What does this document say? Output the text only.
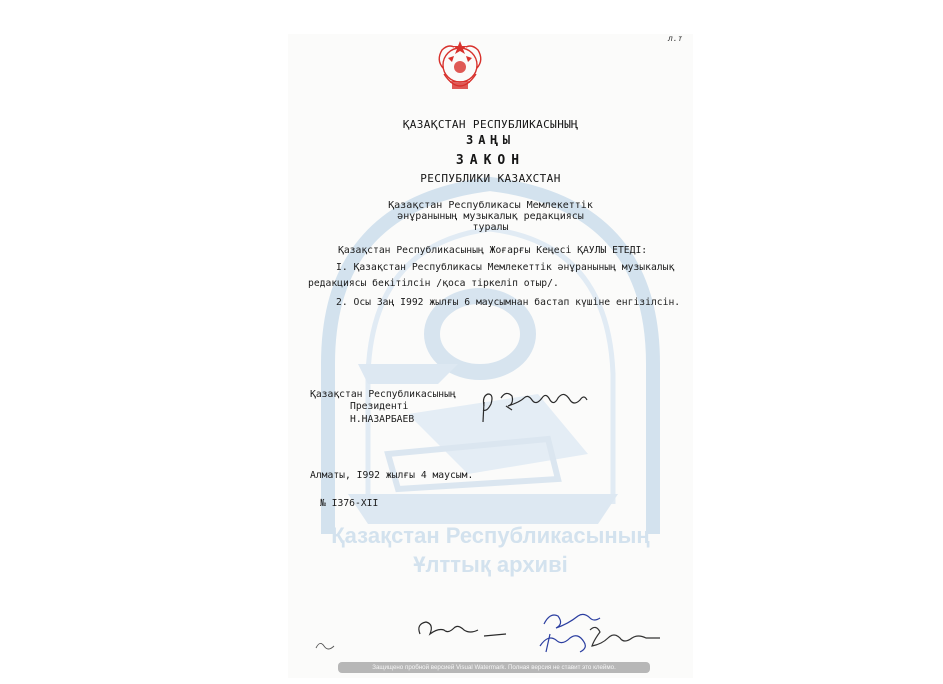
Қазақстан Республикасының
Ұлттық архиві
л.т
ҚАЗАҚСТАН РЕСПУБЛИКАСЫНЫҢ
ЗАҢЫ
ЗАКОН
РЕСПУБЛИКИ КАЗАХСТАН
Қазақстан Республикасы Мемлекеттік
әнұранының музыкалық редакциясы
туралы
Қазақстан Республикасының Жоғарғы Кеңесі ҚАУЛЫ ЕТЕДІ:
I. Қазақстан Республикасы Мемлекеттік әнұранының музыкалық
редакциясы бекітілсін /қоса тіркеліп отыр/.
2. Осы Заң I992 жылғы 6 маусымнан бастап күшіне енгізілсін.
Қазақстан Республикасының
Президенті
Н.НАЗАРБАЕВ
Алматы, I992 жылғы 4 маусым.
№ I376-XII
Защищено пробной версией Visual Watermark. Полная версия не ставит это клеймо.
